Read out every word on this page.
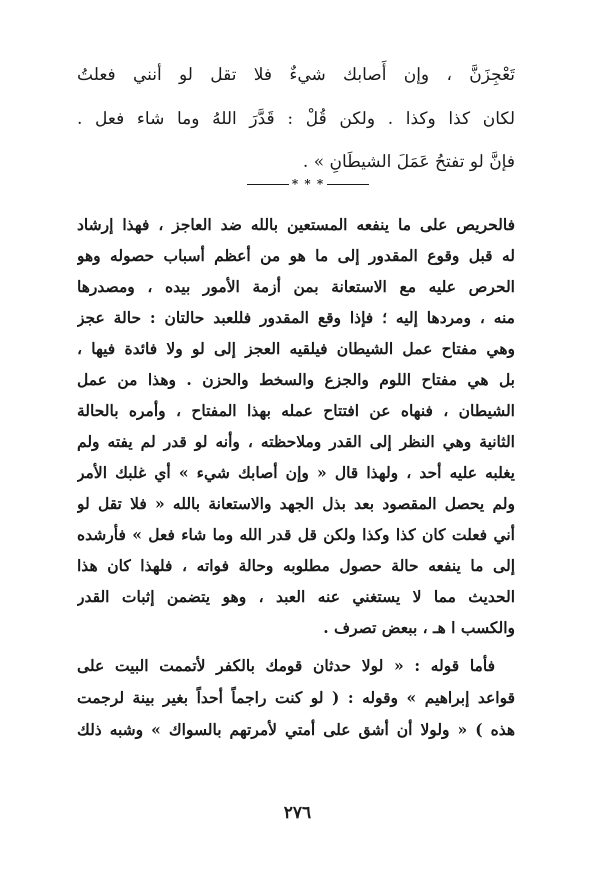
تَعْجِزَنَّ ، وإن أَصابك شيءٌ فلا تقل لو أنني فعلتُ
لكان كذا وكذا . ولكن قُلْ : قَدَّرَ اللهُ وما شاء فعل .
فإنَّ لو تفتحُ عَمَلَ الشيطَانِ » .
* * *
فالحريص على ما ينفعه المستعين بالله ضد العاجز ، فهذا إرشاد
له قبل وقوع المقدور إلى ما هو من أعظم أسباب حصوله وهو
الحرص عليه مع الاستعانة بمن أزمة الأمور بيده ، ومصدرها
منه ، ومردها إليه ؛ فإذا وقع المقدور فللعبد حالتان : حالة عجز
وهي مفتاح عمل الشيطان فيلقيه العجز إلى لو ولا فائدة فيها ،
بل هي مفتاح اللوم والجزع والسخط والحزن . وهذا من عمل
الشيطان ، فنهاه عن افتتاح عمله بهذا المفتاح ، وأمره بالحالة
الثانية وهي النظر إلى القدر وملاحظته ، وأنه لو قدر لم يفته ولم
يغلبه عليه أحد ، ولهذا قال « وإن أصابك شيء » أي غلبك الأمر
ولم يحصل المقصود بعد بذل الجهد والاستعانة بالله « فلا تقل لو
أني فعلت كان كذا وكذا ولكن قل قدر الله وما شاء فعل » فأرشده
إلى ما ينفعه حالة حصول مطلوبه وحالة فواته ، فلهذا كان هذا
الحديث مما لا يستغني عنه العبد ، وهو يتضمن إثبات القدر
والكسب ا هـ ، ببعض تصرف .
فأما قوله : « لولا حدثان قومك بالكفر لأتممت البيت على
قواعد إبراهيم » وقوله : ( لو كنت راجماً أحداً بغير بينة لرجمت
هذه ) « ولولا أن أشق على أمتي لأمرتهم بالسواك » وشبه ذلك
٢٧٦
